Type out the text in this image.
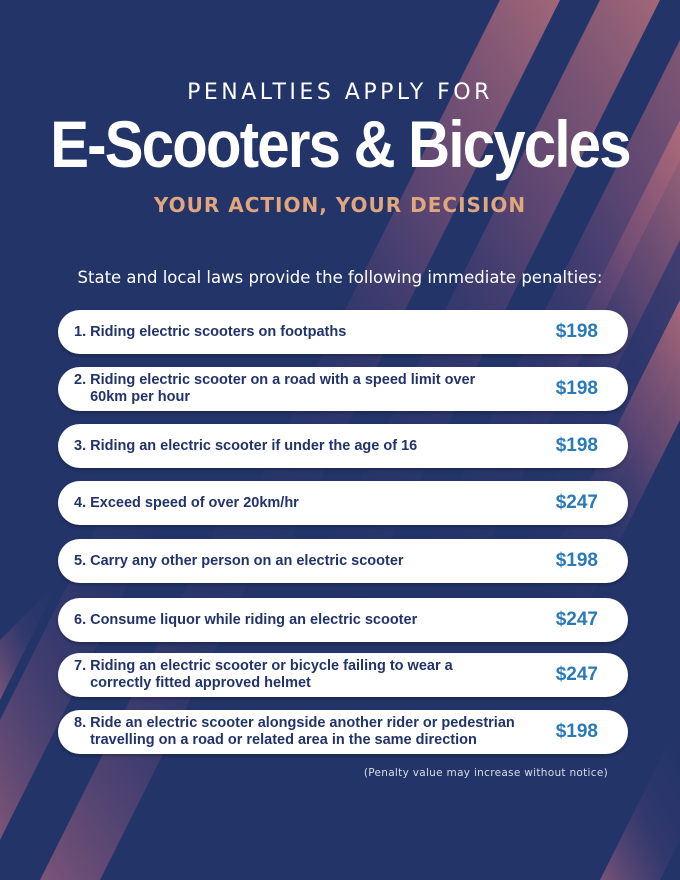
PENALTIES APPLY FOR
E-Scooters & Bicycles
YOUR ACTION, YOUR DECISION
State and local laws provide the following immediate penalties:
1. Riding electric scooters on footpaths	$198
2. Riding electric scooter on a road with a speed limit over 60km per hour	$198
3. Riding an electric scooter if under the age of 16	$198
4. Exceed speed of over 20km/hr	$247
5. Carry any other person on an electric scooter	$198
6. Consume liquor while riding an electric scooter	$247
7. Riding an electric scooter or bicycle failing to wear a correctly fitted approved helmet	$247
8. Ride an electric scooter alongside another rider or pedestrian travelling on a road or related area in the same direction	$198
(Penalty value may increase without notice)
